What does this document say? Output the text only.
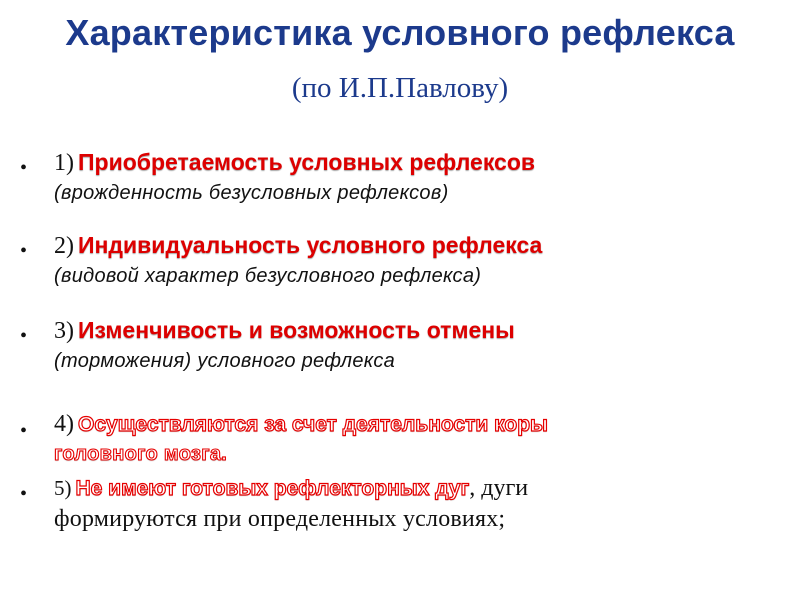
Характеристика условного рефлекса
(по И.П.Павлову)
•	1) Приобретаемость условных рефлексов
(врожденность безусловных рефлексов)
•	2) Индивидуальность условного рефлекса
(видовой характер безусловного рефлекса)
•	3) Изменчивость и возможность отмены
(торможения) условного рефлекса
•	4) Осуществляются за счет деятельности коры
головного мозга.
•	5) Не имеют готовых рефлекторных дуг, дуги
формируются при определенных условиях;
